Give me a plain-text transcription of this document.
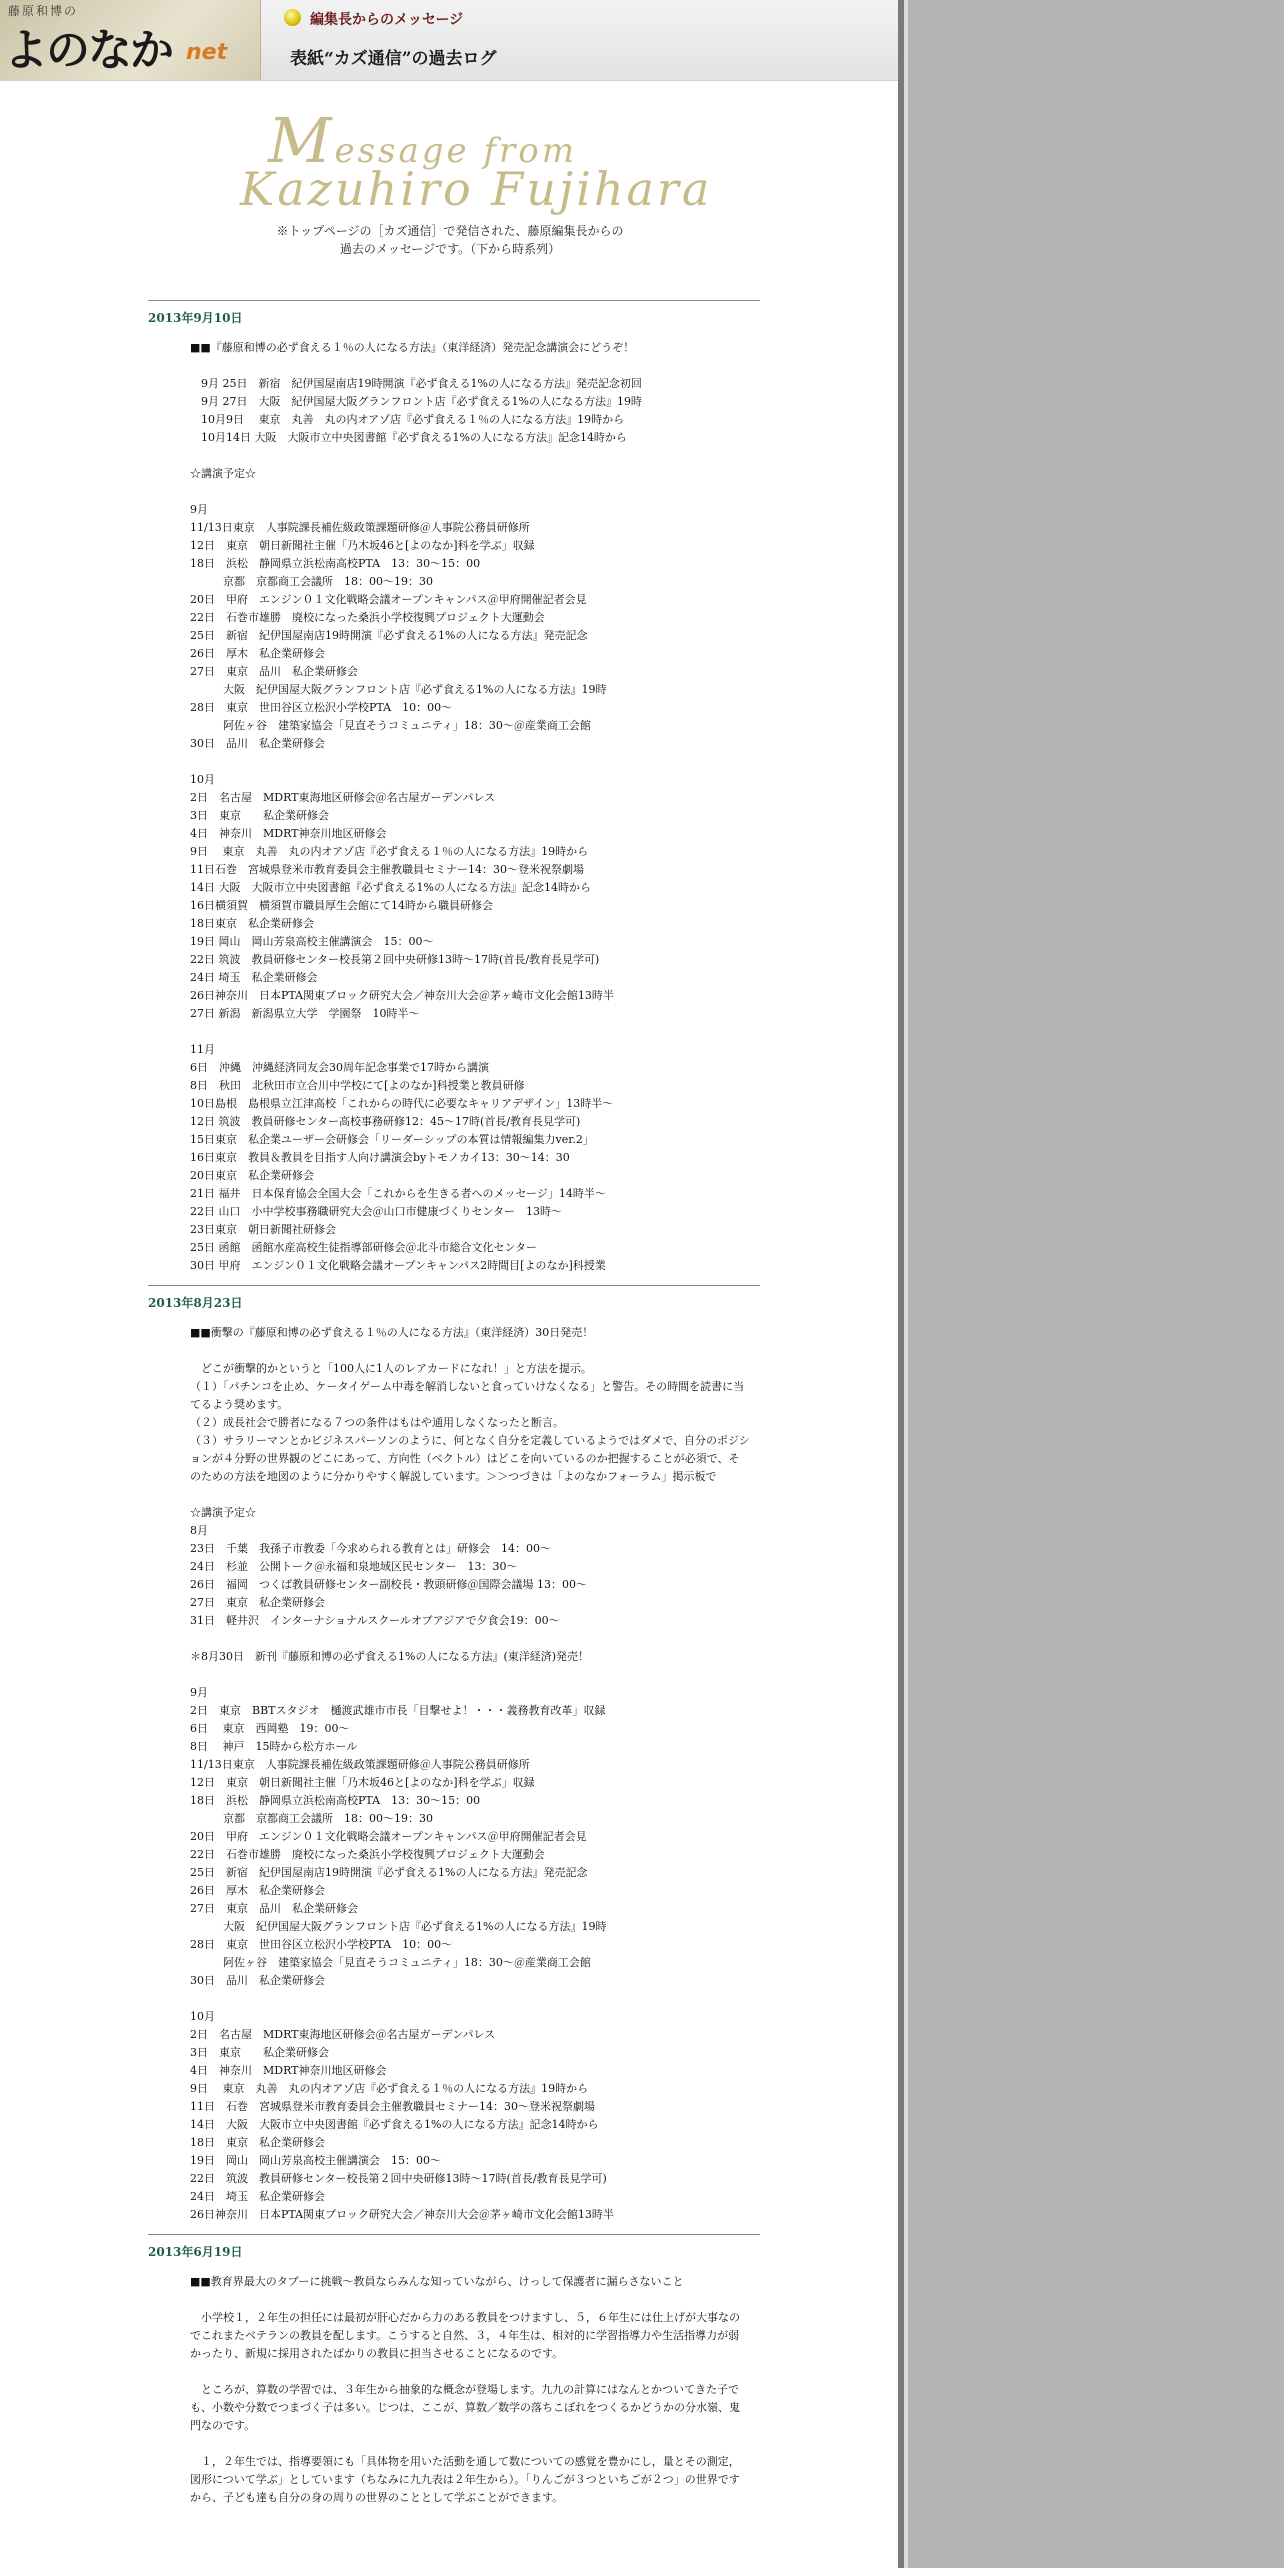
藤原和博の
よのなか net
編集長からのメッセージ
表紙“カズ通信”の過去ログ
Message from
Kazuhiro Fujihara
※トップページの［カズ通信］で発信された、藤原編集長からの
過去のメッセージです。（下から時系列）
2013年9月10日
■■『藤原和博の必ず食える１％の人になる方法』（東洋経済）発売記念講演会にどうぞ！
　9月 25日　新宿　紀伊国屋南店19時開演『必ず食える1%の人になる方法』発売記念初回
　9月 27日　大阪　紀伊国屋大阪グランフロント店『必ず食える1%の人になる方法』19時
　10月9日　 東京　丸善　丸の内オアゾ店『必ず食える１％の人になる方法』19時から
　10月14日 大阪　大阪市立中央図書館『必ず食える1%の人になる方法』記念14時から
☆講演予定☆
9月
11/13日東京　人事院課長補佐級政策課題研修＠人事院公務員研修所
12日　東京　朝日新聞社主催「乃木坂46と[よのなか]科を学ぶ」収録
18日　浜松　静岡県立浜松南高校PTA　13：30～15：00
　　　京都　京都商工会議所　18：00～19：30
20日　甲府　エンジン０１文化戦略会議オープンキャンパス＠甲府開催記者会見
22日　石巻市雄勝　廃校になった桑浜小学校復興プロジェクト大運動会
25日　新宿　紀伊国屋南店19時開演『必ず食える1%の人になる方法』発売記念
26日　厚木　私企業研修会
27日　東京　品川　私企業研修会
　　　大阪　紀伊国屋大阪グランフロント店『必ず食える1%の人になる方法』19時
28日　東京　世田谷区立松沢小学校PTA　10：00～
　　　阿佐ヶ谷　建築家協会「見直そうコミュニティ」18：30～＠産業商工会館
30日　品川　私企業研修会
10月
2日　名古屋　MDRT東海地区研修会＠名古屋ガーデンパレス
3日　東京　　私企業研修会
4日　神奈川　MDRT神奈川地区研修会
9日　 東京　丸善　丸の内オアゾ店『必ず食える１％の人になる方法』19時から
11日石巻　宮城県登米市教育委員会主催教職員セミナー14：30～登米祝祭劇場
14日 大阪　大阪市立中央図書館『必ず食える1%の人になる方法』記念14時から
16日横須賀　横須賀市職員厚生会館にて14時から職員研修会
18日東京　私企業研修会
19日 岡山　岡山芳泉高校主催講演会　15：00～
22日 筑波　教員研修センター校長第２回中央研修13時～17時(首長/教育長見学可)
24日 埼玉　私企業研修会
26日神奈川　日本PTA関東ブロック研究大会／神奈川大会＠茅ヶ崎市文化会館13時半
27日 新潟　新潟県立大学　学園祭　10時半～
11月
6日　沖縄　沖縄経済同友会30周年記念事業で17時から講演
8日　秋田　北秋田市立合川中学校にて[よのなか]科授業と教員研修
10日島根　島根県立江津高校「これからの時代に必要なキャリアデザイン」13時半～
12日 筑波　教員研修センター高校事務研修12：45～17時(首長/教育長見学可)
15日東京　私企業ユーザー会研修会「リーダーシップの本質は情報編集力ver.2」
16日東京　教員＆教員を目指す人向け講演会byトモノカイ13：30～14：30
20日東京　私企業研修会
21日 福井　日本保育協会全国大会「これからを生きる者へのメッセージ」14時半～
22日 山口　小中学校事務職研究大会＠山口市健康づくりセンター　13時～
23日東京　朝日新聞社研修会
25日 函館　函館水産高校生徒指導部研修会＠北斗市総合文化センター
30日 甲府　エンジン０１文化戦略会議オープンキャンパス2時間目[よのなか]科授業
2013年8月23日
■■衝撃の『藤原和博の必ず食える１％の人になる方法』（東洋経済）30日発売！
　どこが衝撃的かというと「100人に1人のレアカードになれ！」と方法を提示。
（１）「パチンコを止め、ケータイゲーム中毒を解消しないと食っていけなくなる」と警告。その時間を読書に当てるよう奨めます。
（２）成長社会で勝者になる７つの条件はもはや通用しなくなったと断言。
（３）サラリーマンとかビジネスパーソンのように、何となく自分を定義しているようではダメで、自分のポジションが４分野の世界観のどこにあって、方向性（ベクトル）はどこを向いているのか把握することが必須で、そのための方法を地図のように分かりやすく解説しています。＞＞つづきは「よのなかフォーラム」掲示板で
☆講演予定☆
8月
23日　千葉　我孫子市教委「今求められる教育とは」研修会　14：00～
24日　杉並　公開トーク＠永福和泉地域区民センター　13：30～
26日　福岡　つくば教員研修センター副校長・教頭研修＠国際会議場 13：00～
27日　東京　私企業研修会
31日　軽井沢　インターナショナルスクールオブアジアで夕食会19：00～
＊8月30日　新刊『藤原和博の必ず食える1%の人になる方法』(東洋経済)発売！
9月
2日　東京　BBTスタジオ　樋渡武雄市市長「目撃せよ！・・・義務教育改革」収録
6日　 東京　西岡塾　19：00～
8日　 神戸　15時から松方ホール
11/13日東京　人事院課長補佐級政策課題研修＠人事院公務員研修所
12日　東京　朝日新聞社主催「乃木坂46と[よのなか]科を学ぶ」収録
18日　浜松　静岡県立浜松南高校PTA　13：30～15：00
　　　京都　京都商工会議所　18：00～19：30
20日　甲府　エンジン０１文化戦略会議オープンキャンパス＠甲府開催記者会見
22日　石巻市雄勝　廃校になった桑浜小学校復興プロジェクト大運動会
25日　新宿　紀伊国屋南店19時開演『必ず食える1%の人になる方法』発売記念
26日　厚木　私企業研修会
27日　東京　品川　私企業研修会
　　　大阪　紀伊国屋大阪グランフロント店『必ず食える1%の人になる方法』19時
28日　東京　世田谷区立松沢小学校PTA　10：00～
　　　阿佐ヶ谷　建築家協会「見直そうコミュニティ」18：30～＠産業商工会館
30日　品川　私企業研修会
10月
2日　名古屋　MDRT東海地区研修会＠名古屋ガーデンパレス
3日　東京　　私企業研修会
4日　神奈川　MDRT神奈川地区研修会
9日　 東京　丸善　丸の内オアゾ店『必ず食える１％の人になる方法』19時から
11日　石巻　宮城県登米市教育委員会主催教職員セミナー14：30～登米祝祭劇場
14日　大阪　大阪市立中央図書館『必ず食える1%の人になる方法』記念14時から
18日　東京　私企業研修会
19日　岡山　岡山芳泉高校主催講演会　15：00～
22日　筑波　教員研修センター校長第２回中央研修13時～17時(首長/教育長見学可)
24日　埼玉　私企業研修会
26日神奈川　日本PTA関東ブロック研究大会／神奈川大会＠茅ヶ崎市文化会館13時半
2013年6月19日
■■教育界最大のタブーに挑戦～教員ならみんな知っていながら、けっして保護者に漏らさないこと
　小学校１，２年生の担任には最初が肝心だから力のある教員をつけますし、５，６年生には仕上げが大事なのでこれまたベテランの教員を配します。こうすると自然、３，４年生は、相対的に学習指導力や生活指導力が弱かったり、新規に採用されたばかりの教員に担当させることになるのです。
　ところが、算数の学習では、３年生から抽象的な概念が登場します。九九の計算にはなんとかついてきた子でも、小数や分数でつまづく子は多い。じつは、ここが、算数／数学の落ちこぼれをつくるかどうかの分水嶺、鬼門なのです。
　１，２年生では、指導要領にも「具体物を用いた活動を通して数についての感覚を豊かにし，量とその測定，図形について学ぶ」としています（ちなみに九九表は２年生から）。「りんごが３つといちごが２つ」の世界ですから、子ども達も自分の身の周りの世界のこととして学ぶことができます。
